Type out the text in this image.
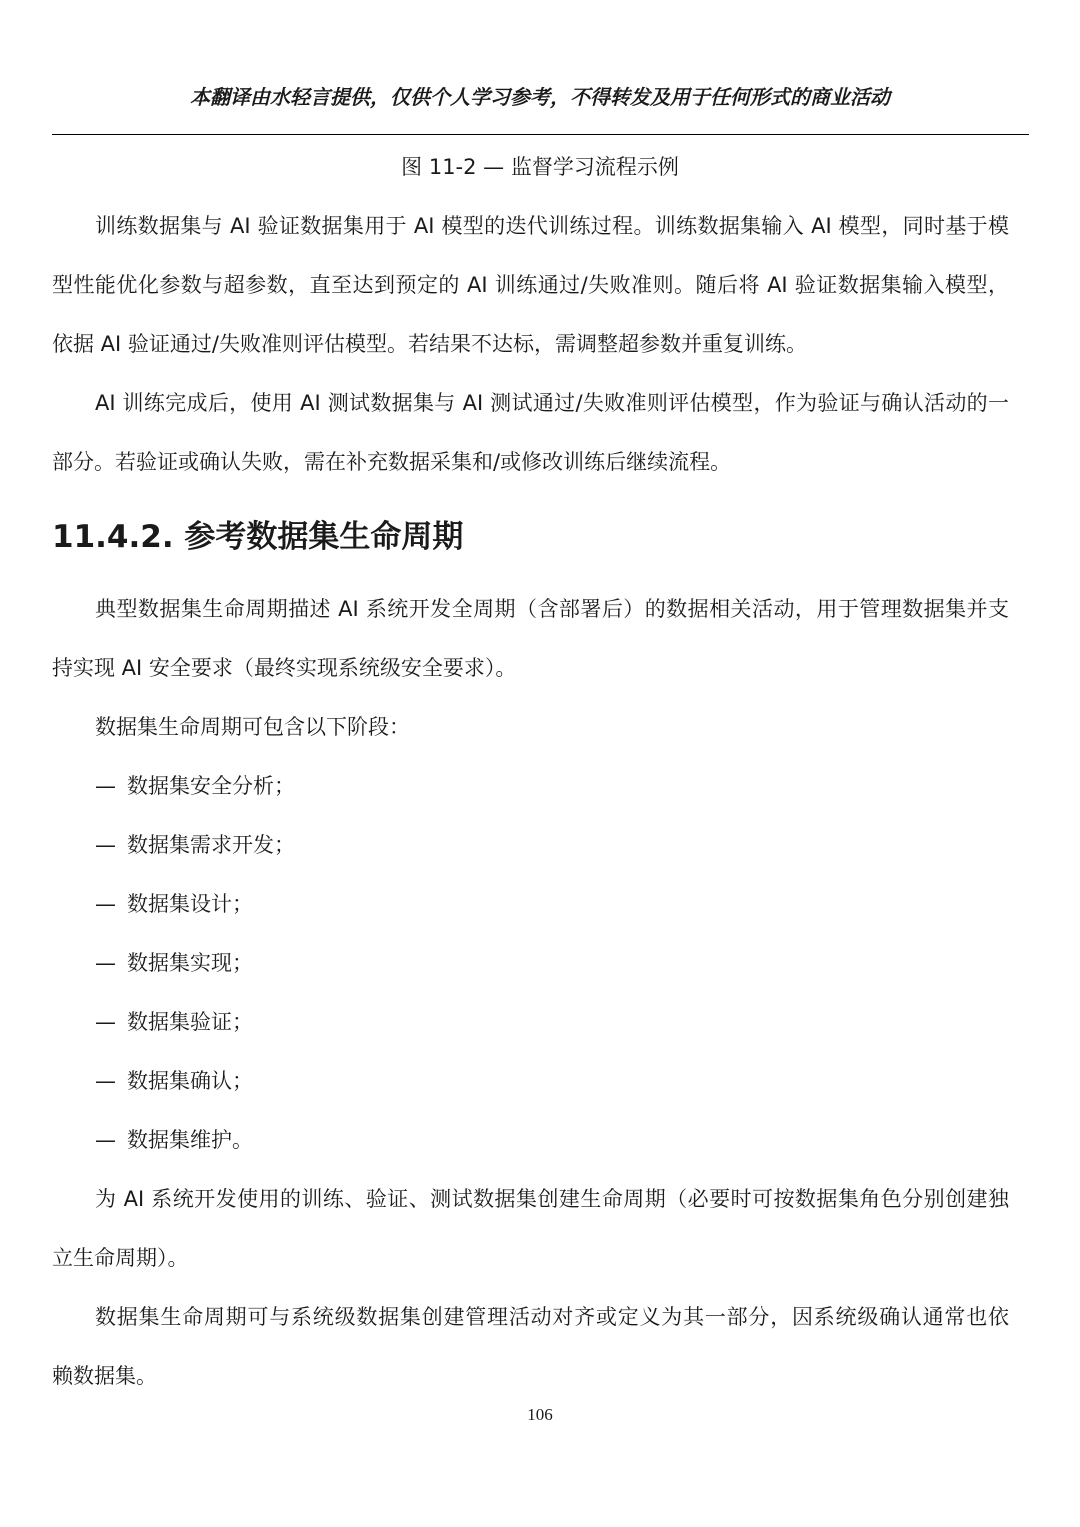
本翻译由水轻言提供，仅供个人学习参考，不得转发及用于任何形式的商业活动
图 11-2 — 监督学习流程示例
训练数据集与 AI 验证数据集用于 AI 模型的迭代训练过程。训练数据集输入 AI 模型，同时基于模
型性能优化参数与超参数，直至达到预定的 AI 训练通过/失败准则。随后将 AI 验证数据集输入模型，
依据 AI 验证通过/失败准则评估模型。若结果不达标，需调整超参数并重复训练。
AI 训练完成后，使用 AI 测试数据集与 AI 测试通过/失败准则评估模型，作为验证与确认活动的一
部分。若验证或确认失败，需在补充数据采集和/或修改训练后继续流程。
11.4.2. 参考数据集生命周期
典型数据集生命周期描述 AI 系统开发全周期（含部署后）的数据相关活动，用于管理数据集并支
持实现 AI 安全要求（最终实现系统级安全要求）。
数据集生命周期可包含以下阶段：
— 数据集安全分析；
— 数据集需求开发；
— 数据集设计；
— 数据集实现；
— 数据集验证；
— 数据集确认；
— 数据集维护。
为 AI 系统开发使用的训练、验证、测试数据集创建生命周期（必要时可按数据集角色分别创建独
立生命周期）。
数据集生命周期可与系统级数据集创建管理活动对齐或定义为其一部分，因系统级确认通常也依
赖数据集。
106
